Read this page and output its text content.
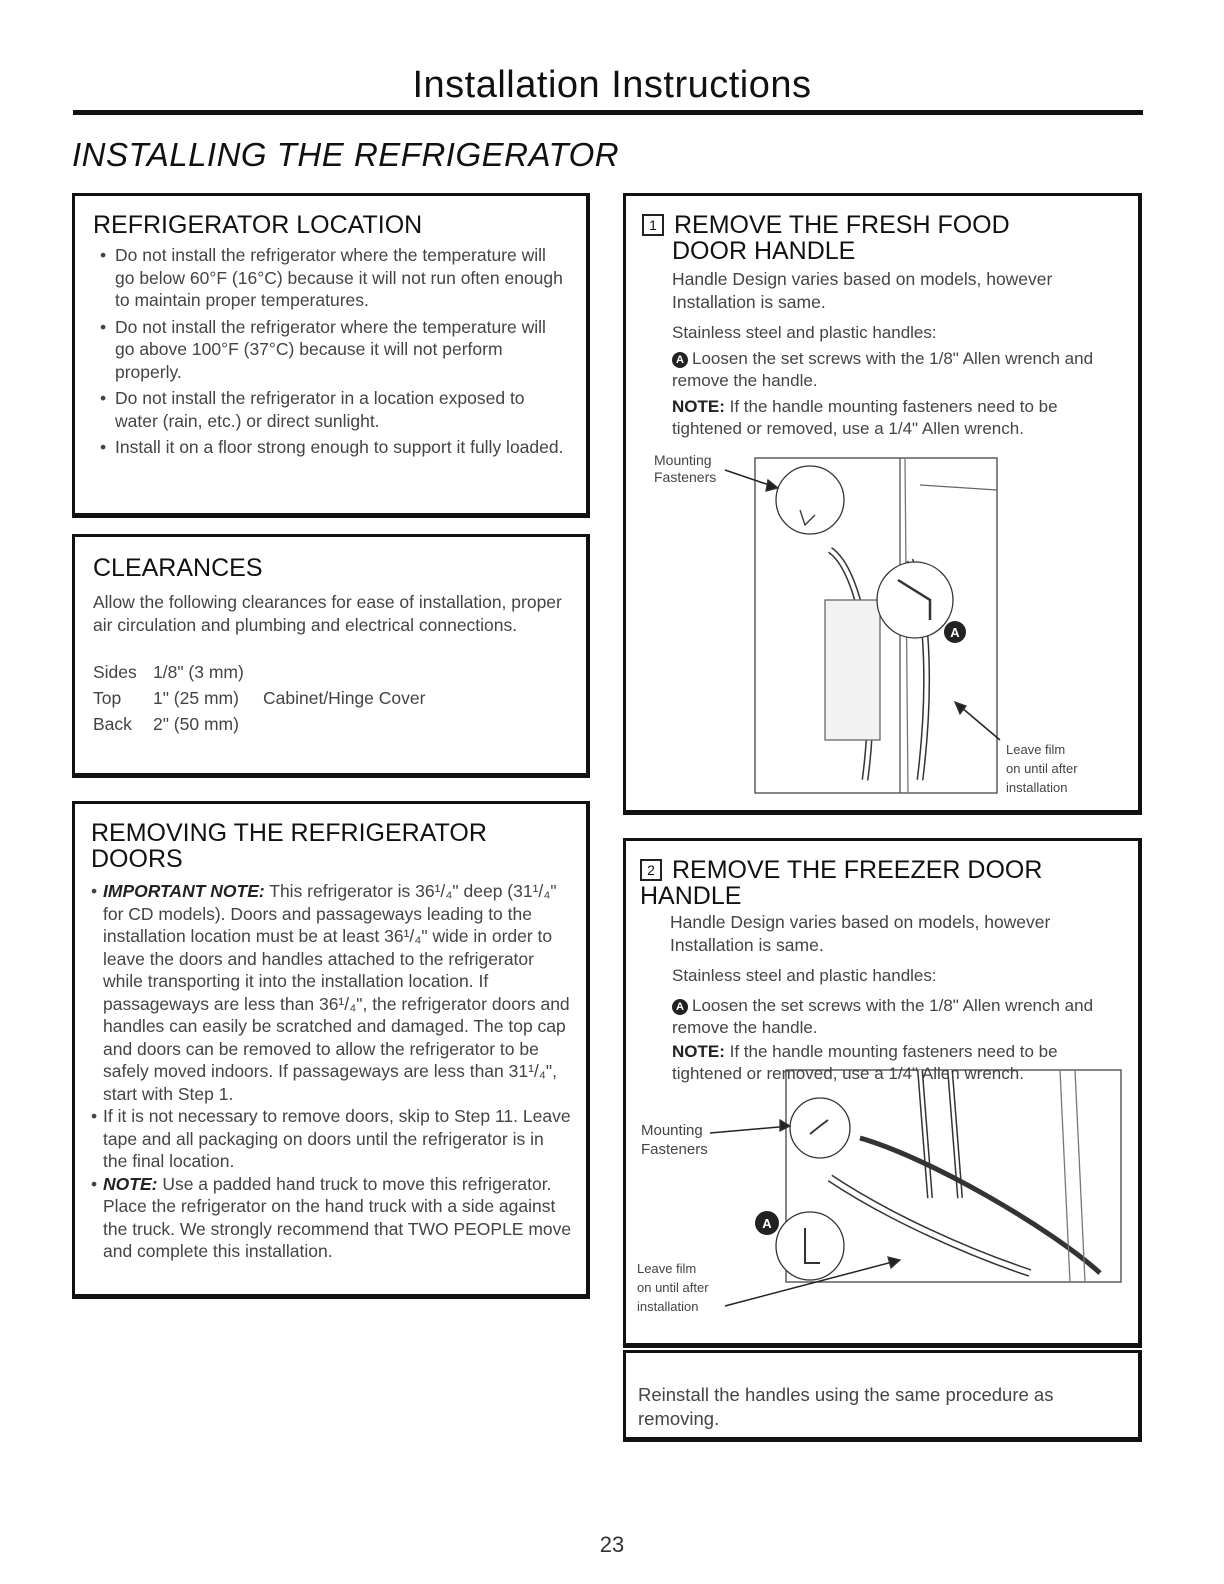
Installation Instructions
INSTALLING THE REFRIGERATOR
REFRIGERATOR LOCATION
• Do not install the refrigerator where the temperature will go below 60°F (16°C) because it will not run often enough to maintain proper temperatures.
• Do not install the refrigerator where the temperature will go above 100°F (37°C) because it will not perform properly.
• Do not install the refrigerator in a location exposed to water (rain, etc.) or direct sunlight.
• Install it on a floor strong enough to support it fully loaded.
CLEARANCES

Allow the following clearances for ease of installation, proper air circulation and plumbing and electrical connections.

Sides 1/8" (3 mm)
Top	1" (25 mm)	Cabinet/Hinge Cover
Back	2" (50 mm)
REMOVING THE REFRIGERATOR DOORS

• IMPORTANT NOTE: This refrigerator is 36¹/₄" deep (31¹/₄" for CD models). Doors and passageways leading to the installation location must be at least 36¹/₄" wide in order to leave the doors and handles attached to the refrigerator while transporting it into the installation location. If passageways are less than 36¹/₄", the refrigerator doors and handles can easily be scratched and damaged. The top cap and doors can be removed to allow the refrigerator to be safely moved indoors. If passageways are less than 31¹/₄", start with Step 1.

• If it is not necessary to remove doors, skip to Step 11. Leave tape and all packaging on doors until the refrigerator is in the final location.

• NOTE: Use a padded hand truck to move this refrigerator. Place the refrigerator on the hand truck with a side against the truck. We strongly recommend that TWO PEOPLE move and complete this installation.

1 REMOVE THE FRESH FOOD
DOOR HANDLE

Handle Design varies based on models, however Installation is same.

Stainless steel and plastic handles:
A Loosen the set screws with the 1/8" Allen wrench and remove the handle.
NOTE: If the handle mounting fasteners need to be tightened or removed, use a 1/4" Allen wrench.
A
Mounting
Fasteners
Leave film
on until after
installation
2 REMOVE THE FREEZER DOOR HANDLE

Handle Design varies based on models, however Installation is same.

Stainless steel and plastic handles:
A Loosen the set screws with the 1/8" Allen wrench and remove the handle.
NOTE: If the handle mounting fasteners need to be tightened or removed, use a 1/4" Allen wrench.
A
Mounting
Fasteners
Leave film
on until after
installation

Reinstall the handles using the same procedure as removing.

23
